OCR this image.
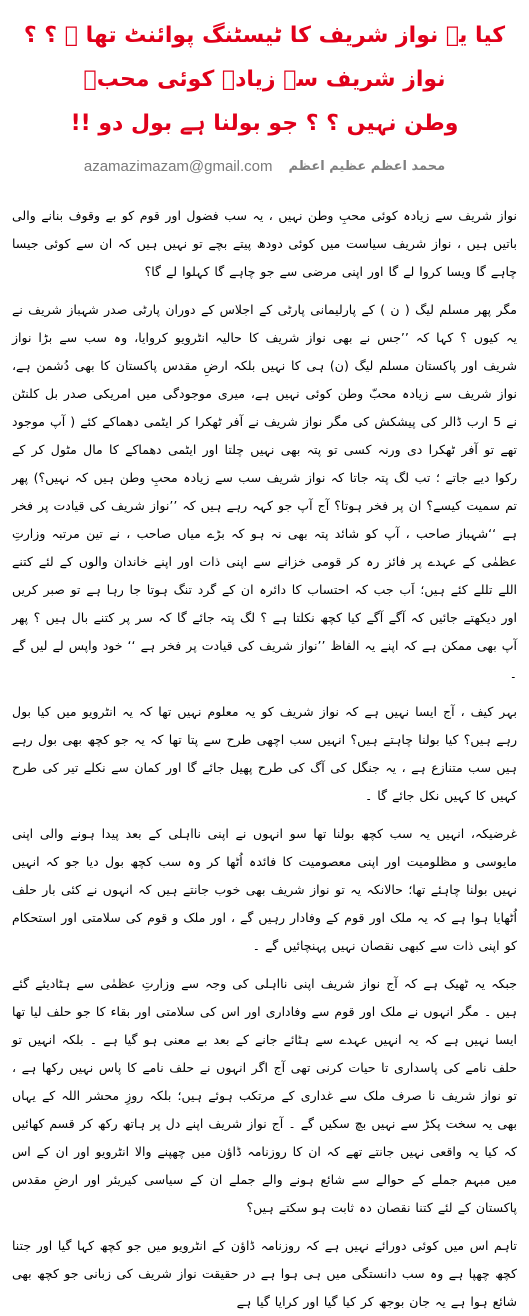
کیا یہ نواز شریف کا ٹیسٹنگ پوائنٹ تھا ۔ ؟ ؟ نواز شریف سے زیادہ کوئی محبؔ
وطن نہیں ؟ ؟ جو بولنا ہے بول دو !!
محمد اعظم عظیم اعظم
azamazimazam@gmail.com

نواز شریف سے زیادہ کوئی محبِ وطن نہیں ، یہ سب فضول اور قوم کو بے وقوف بنانے والی باتیں ہیں ، نواز شریف سیاست میں کوئی دودھ پیتے بچے تو نہیں ہیں کہ ان سے کوئی جیسا چاہے گا ویسا کروا لے گا اور اپنی مرضی سے جو چاہے گا کہلوا لے گا؟

مگر پھر مسلم لیگ ( ن ) کے پارلیمانی پارٹی کے اجلاس کے دوران پارٹی صدر شہباز شریف نے یہ کیوں ؟ کہا کہ ’’جس نے بھی نواز شریف کا حالیہ انٹرویو کروایا، وہ سب سے بڑا نواز شریف اور پاکستان مسلم لیگ (ن) ہی کا نہیں بلکہ ارضِ مقدس پاکستان کا بھی دُشمن ہے، نواز شریف سے زیادہ محبّ وطن کوئی نہیں ہے، میری موجودگی میں امریکی صدر بل کلنٹن نے 5 ارب ڈالر کی پیشکش کی مگر نواز شریف نے آفر ٹھکرا کر ایٹمی دھماکے کئے ( آپ موجود تھے تو آفر ٹھکرا دی ورنہ کسی تو پتہ بھی نہیں چلتا اور ایٹمی دھماکے کا مال مٹول کر کے رکوا دیے جاتے ؛ تب لگ پتہ جاتا کہ نواز شریف سب سے زیادہ محبِ وطن ہیں کہ نہیں؟) پھر تم سمیت کیسے؟ ان پر فخر ہوتا؟ آج آپ جو کہہ رہے ہیں کہ ’’نواز شریف کی قیادت پر فخر ہے ‘‘شہباز صاحب ، آپ کو شائد پتہ بھی نہ ہو کہ بڑے میاں صاحب ، نے تین مرتبہ وزارتِ عظمٰی کے عہدے پر فائز رہ کر قومی خزانے سے اپنی ذات اور اپنے خاندان والوں کے لئے کتنے اللے تللے کئے ہیں؛ اَب جب کہ احتساب کا دائرہ ان کے گرد تنگ ہوتا جا رہا ہے تو صبر کریں اور دیکھتے جائیں کہ آگے آگے کیا کچھ نکلتا ہے ؟ لگ پتہ جائے گا کہ سر پر کتنے بال ہیں ؟ پھر آپ بھی ممکن ہے کہ اپنے یہ الفاظ ’’نواز شریف کی قیادت پر فخر ہے ‘‘ خود واپس لے لیں گے ۔

بہر کیف ، آج ایسا نہیں ہے کہ نواز شریف کو یہ معلوم نہیں تھا کہ یہ انٹرویو میں کیا بول رہے ہیں؟ کیا بولنا چاہتے ہیں؟ انہیں سب اچھی طرح سے پتا تھا کہ یہ جو کچھ بھی بول رہے ہیں سب متنازع ہے ، یہ جنگل کی آگ کی طرح پھیل جائے گا اور کمان سے نکلے تیر کی طرح کہیں کا کہیں نکل جائے گا ۔

غرضیکہ، انہیں یہ سب کچھ بولنا تھا سو انہوں نے اپنی نااہلی کے بعد پیدا ہونے والی اپنی مایوسی و مظلومیت اور اپنی معصومیت کا فائدہ اُٹھا کر وہ سب کچھ بول دیا جو کہ انہیں نہیں بولنا چاہئے تھا؛ حالانکہ یہ تو نواز شریف بھی خوب جانتے ہیں کہ انہوں نے کئی بار حلف اُٹھایا ہوا ہے کہ یہ ملک اور قوم کے وفادار رہیں گے ، اور ملک و قوم کی سلامتی اور استحکام کو اپنی ذات سے کبھی نقصان نہیں پہنچائیں گے ۔

جبکہ یہ ٹھیک ہے کہ آج نواز شریف اپنی نااہلی کی وجہ سے وزارتِ عظمٰی سے ہٹادیئے گئے ہیں ۔ مگر انہوں نے ملک اور قوم سے وفاداری اور اس کی سلامتی اور بقاء کا جو حلف لیا تھا ایسا نہیں ہے کہ یہ انہیں عہدے سے ہٹائے جانے کے بعد بے معنی ہو گیا ہے ۔ بلکہ انہیں تو حلف نامے کی پاسداری تا حیات کرنی تھی آج اگر انہوں نے حلف نامے کا پاس نہیں رکھا ہے ، تو نواز شریف نا صرف ملک سے غداری کے مرتکب ہوئے ہیں؛ بلکہ روزِ محشر اللہ کے یہاں بھی یہ سخت پکڑ سے نہیں بچ سکیں گے ۔ آج نواز شریف اپنے دل پر ہاتھ رکھ کر قسم کھائیں کہ کیا یہ واقعی نہیں جانتے تھے کہ ان کا روزنامہ ڈاؤن میں چھپنے والا انٹرویو اور ان کے اس میں مبہم جملے کے حوالے سے شائع ہونے والے جملے ان کے سیاسی کیریئر اور ارضِ مقدس پاکستان کے لئے کتنا نقصان دہ ثابت ہو سکتے ہیں؟

تاہم اس میں کوئی دورائے نہیں ہے کہ روزنامہ ڈاؤن کے انٹرویو میں جو کچھ کہا گیا اور جتنا کچھ چھپا ہے وہ سب دانستگی میں ہی ہوا ہے در حقیقت نواز شریف کی زبانی جو کچھ بھی شائع ہوا ہے یہ جان بوجھ کر کیا گیا اور کرایا گیا ہے
